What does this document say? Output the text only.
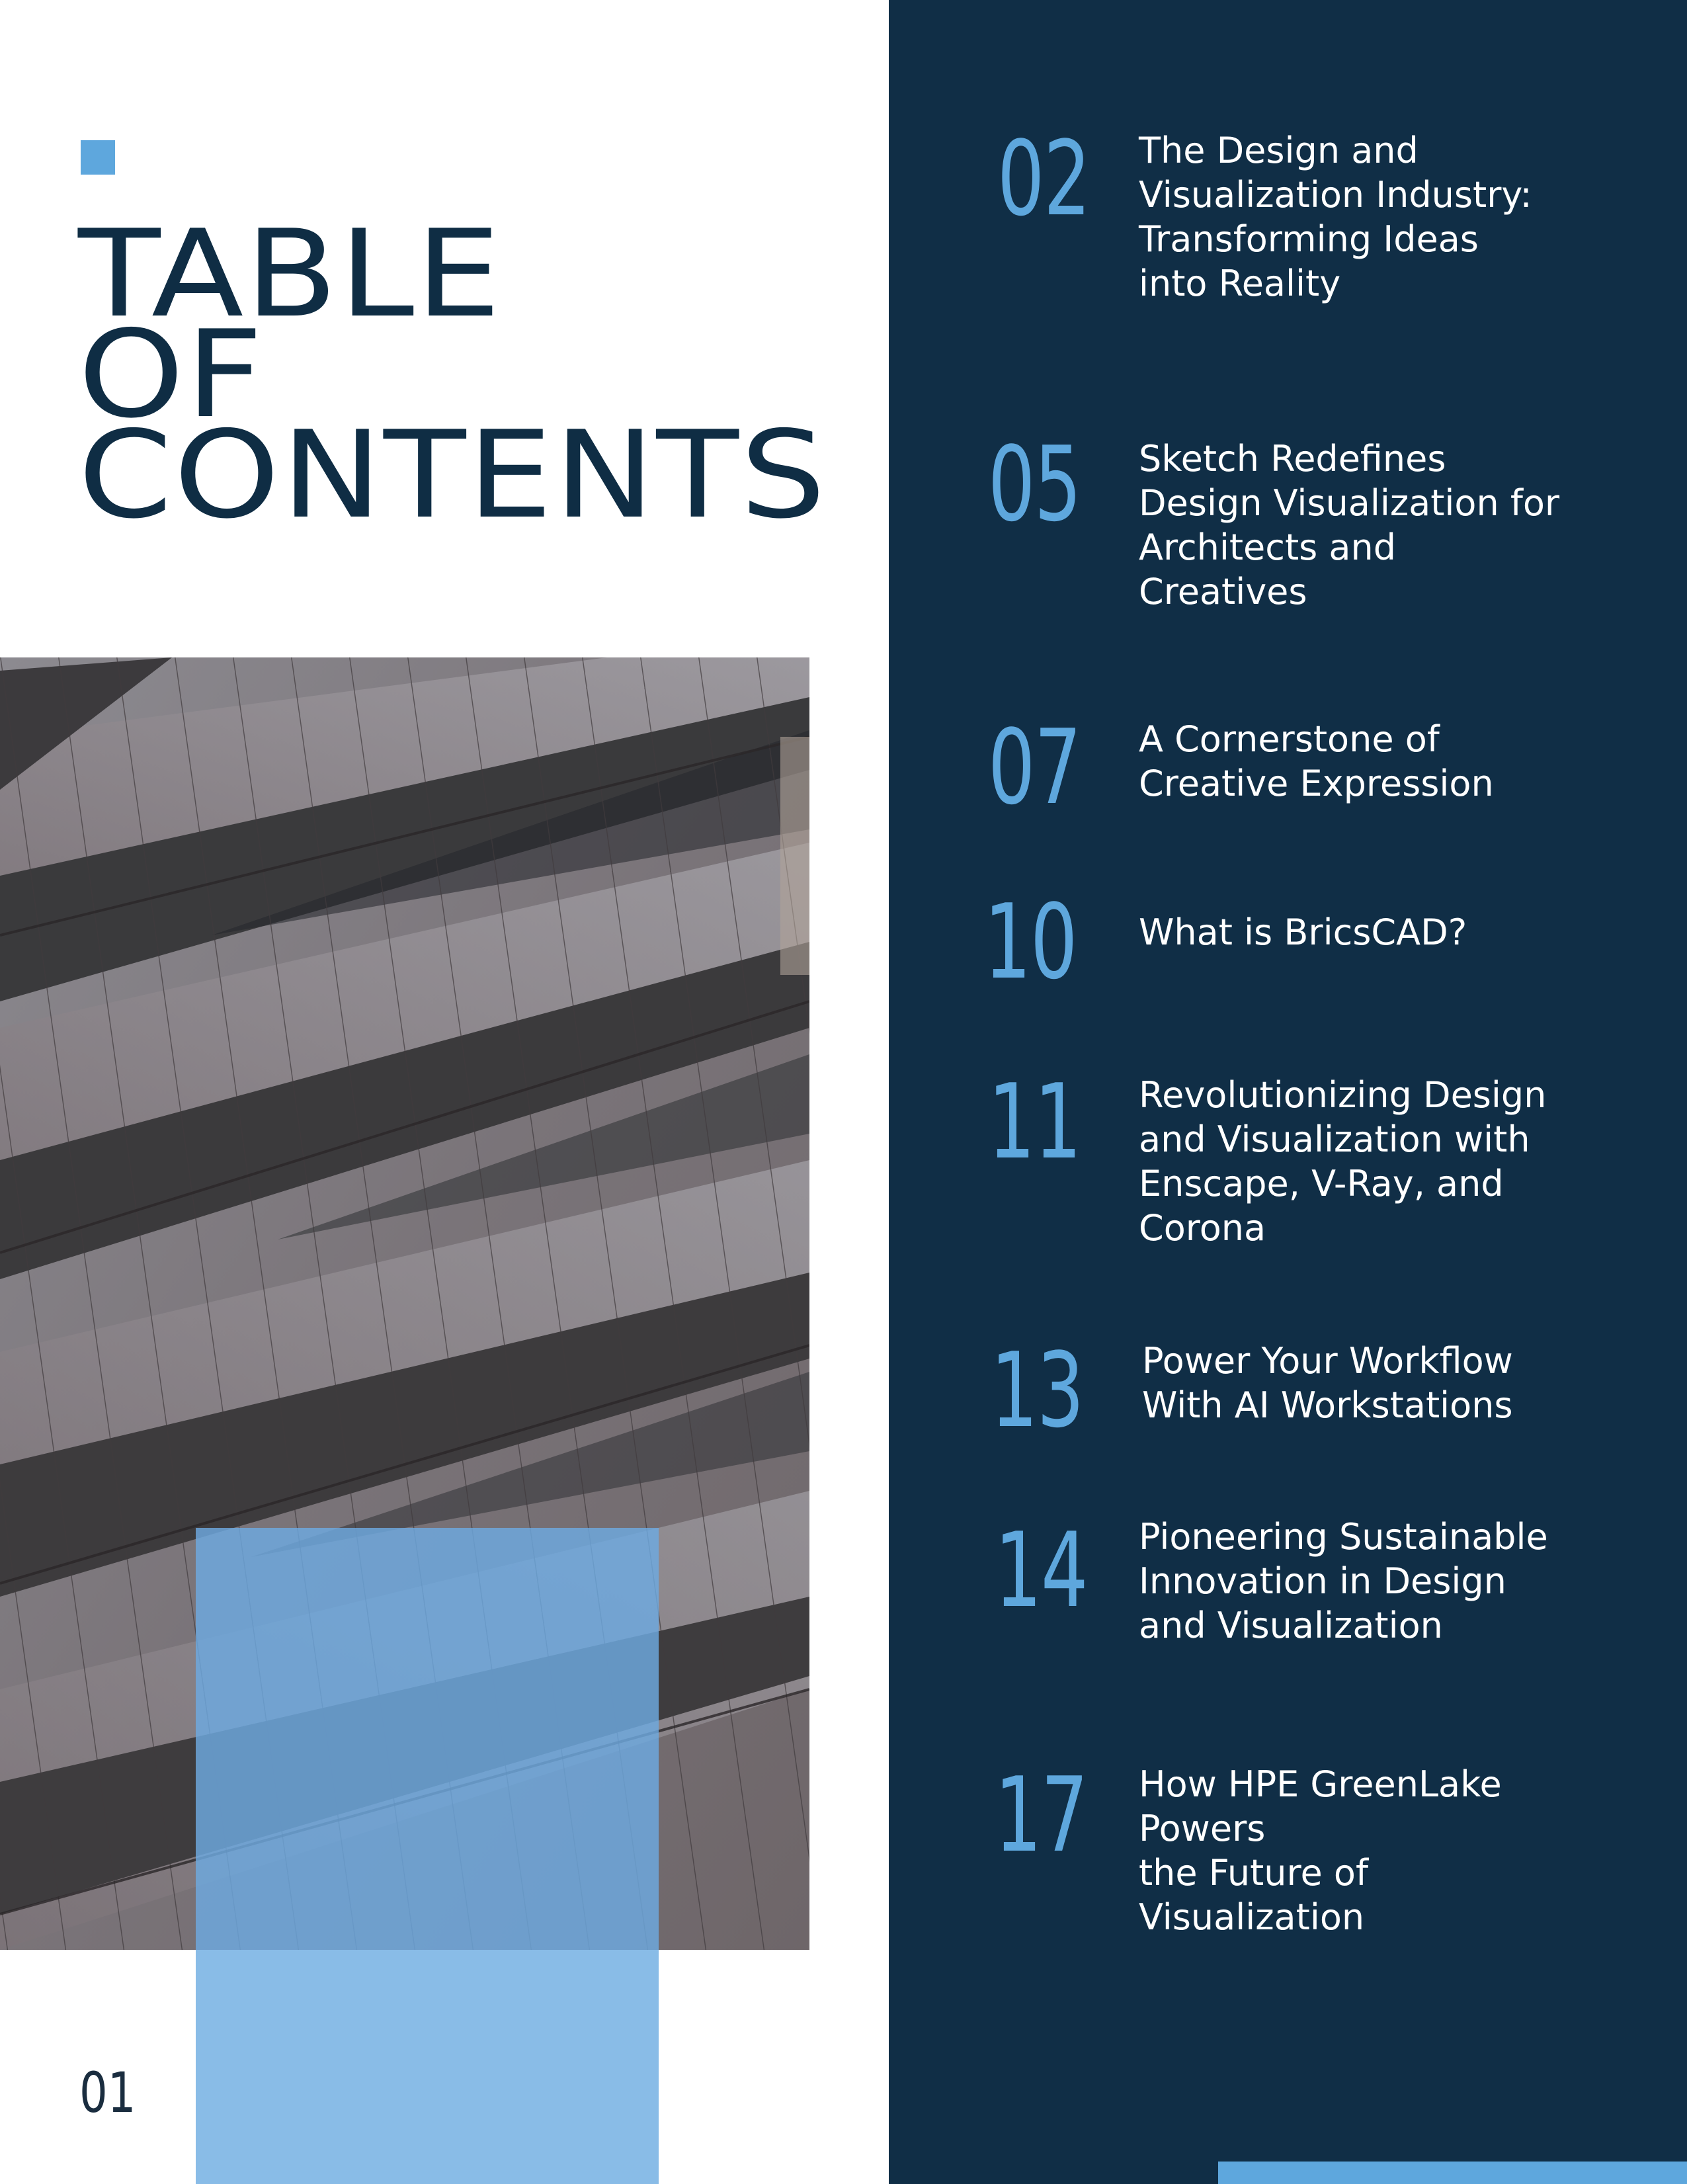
TABLE
OF
CONTENTS
01
02 The Design and
Visualization Industry:
Transforming Ideas
into Reality
05 Sketch Redefines
Design Visualization for
Architects and
Creatives
07 A Cornerstone of
Creative Expression
10 What is BricsCAD?
11 Revolutionizing Design
and Visualization with
Enscape, V-Ray, and
Corona
13 Power Your Workflow
With AI Workstations
14 Pioneering Sustainable
Innovation in Design
and Visualization
17 How HPE GreenLake
Powers
the Future of
Visualization
